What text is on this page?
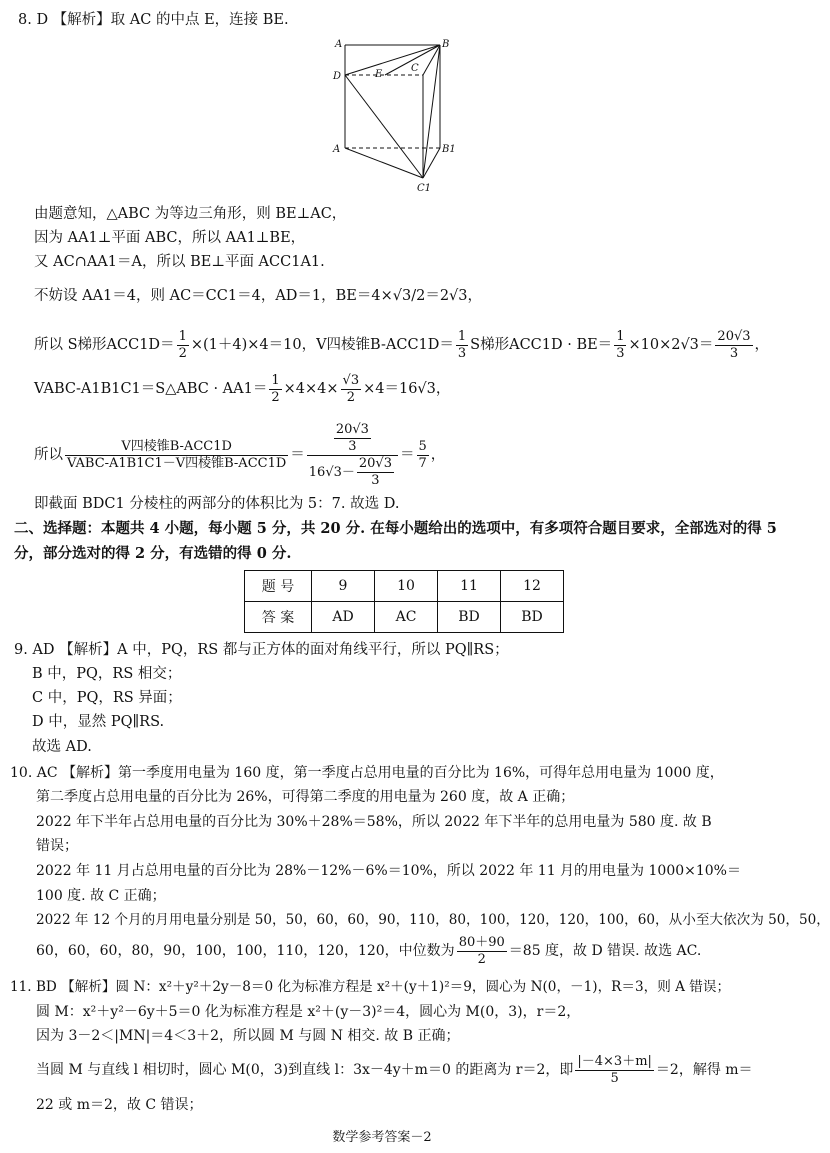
8. D 【解析】取 AC 的中点 E，连接 BE.
A	B
D	E
C
A	B1
C1
由题意知，△ABC 为等边三角形，则 BE⊥AC，
因为 AA1⊥平面 ABC，所以 AA1⊥BE，
又 AC∩AA1＝A，所以 BE⊥平面 ACC1A1.
不妨设 AA1＝4，则 AC＝CC1＝4，AD＝1，BE＝4×√3/2＝2√3，
所以 S梯形$ACC1D= \frac{1}{2} \times(1+4)\times 4=10$，V四棱锥$B-ACC1D= \frac{1}{3}$ S梯形$ACC1D \cdot BE= \frac{1}{3} \times 10\times 2√3= \frac{20√3}{3}$ ，
VABC-A1B1C1＝S△ABC · $AA1= \frac{1}{2} \times 4\times 4\times \frac{√3}{2} \times 4=16√3$，
所以 $\frac{\text{V四棱锥B-ACC1D}}{\text{VABC-A1B1C1－V四棱锥B-ACC1D}} = \frac{\frac{20√3}{3}}{16√3- \frac{20√3}{3}} = \frac{5}{7}$ ，
即截面 BDC1 分棱柱的两部分的体积比为 5：7. 故选 D.
二、选择题：本题共 4 小题，每小题 5 分，共 20 分. 在每小题给出的选项中，有多项符合题目要求，全部选对的得 5
分，部分选对的得 2 分，有选错的得 0 分.
题 号	9	10	11	12
答 案	AD	AC	BD	BD
9. AD 【解析】A 中，PQ，RS 都与正方体的面对角线平行，所以 PQ∥RS；
B 中，PQ，RS 相交；
C 中，PQ，RS 异面；
D 中，显然 PQ∥RS.
故选 AD.
10. AC 【解析】第一季度用电量为 160 度，第一季度占总用电量的百分比为 16%，可得年总用电量为 1000 度，
第二季度占总用电量的百分比为 26%，可得第二季度的用电量为 260 度，故 A 正确；
2022 年下半年占总用电量的百分比为 30%＋28%＝58%，所以 2022 年下半年的总用电量为 580 度. 故 B
错误；
2022 年 11 月占总用电量的百分比为 28%－12%－6%＝10%，所以 2022 年 11 月的用电量为 1000×10%＝
100 度. 故 C 正确；
2022 年 12 个月的月用电量分别是 50，50，60，60，90，110，80，100，120，120，100，60，从小至大依次为 50，50，
60，60，60，80，90，100，100，110，120，120，中位数为 $\frac{80+90}{2} =85$ 度，故 D 错误. 故选 AC.
11. BD 【解析】圆 N：x²＋y²＋2y－8＝0 化为标准方程是 x²＋(y＋1)²＝9，圆心为 N(0，－1)，R＝3，则 A 错误；
圆 M：x²＋y²－6y＋5＝0 化为标准方程是 x²＋(y－3)²＝4，圆心为 M(0，3)，r＝2，
因为 3－2＜|MN|＝4＜3＋2，所以圆 M 与圆 N 相交. 故 B 正确；
当圆 M 与直线 l 相切时，圆心 M(0，3)到直线 l：3x－4y＋m＝0 的距离为 r＝2，即 $\frac{|-4\times 3+m|}{5} =2$，解得 m＝
22 或 m＝2，故 C 错误；
数学参考答案－2
